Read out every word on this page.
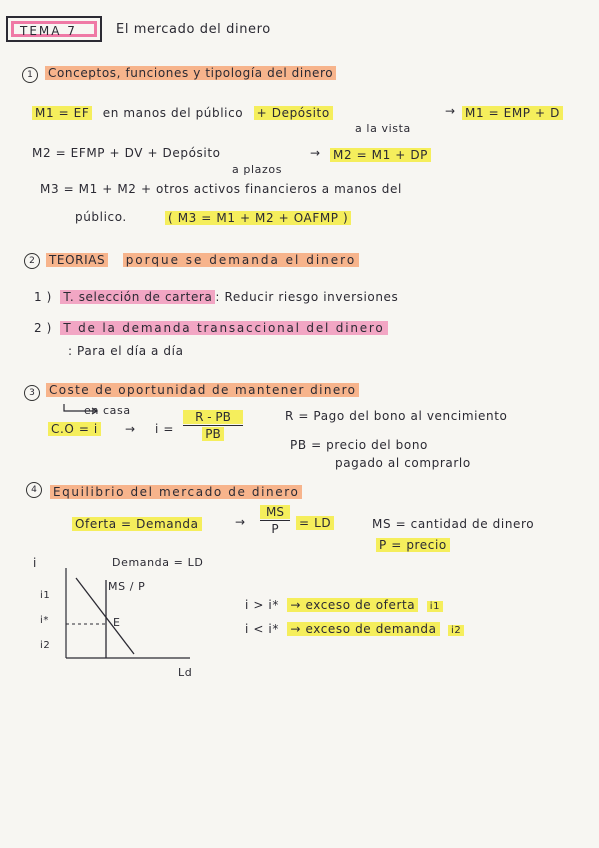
TEMA 7	El mercado del dinero
1	Conceptos, funciones y tipología del dinero
M1 = EF en manos del público + Depósito
a la vista
→ M1 = EMP + D
M2 = EFMP + DV + Depósito
a plazos
→ M2 = M1 + DP
M3 = M1 + M2 + otros activos financieros a manos del
público.	( M3 = M1 + M2 + OAFMP )
2	TEORIAS porque se demanda el dinero
1 ) T. selección de cartera : Reducir riesgo inversiones
2 ) T de la demanda transaccional del dinero
: Para el día a día
3	Coste de oportunidad de mantener dinero
en casa
C.O = i → i =
R - PB
PB
R = Pago del bono al vencimiento
PB = precio del bono
pagado al comprarlo
4	Equilibrio del mercado de dinero
Oferta = Demanda	→
MS
P	= LD	MS = cantidad de dinero
P = precio
i	Demanda = LD
MS / P
i1
i*
i2
E
Ld
i > i* → exceso de oferta i1
i < i* → exceso de demanda i2
